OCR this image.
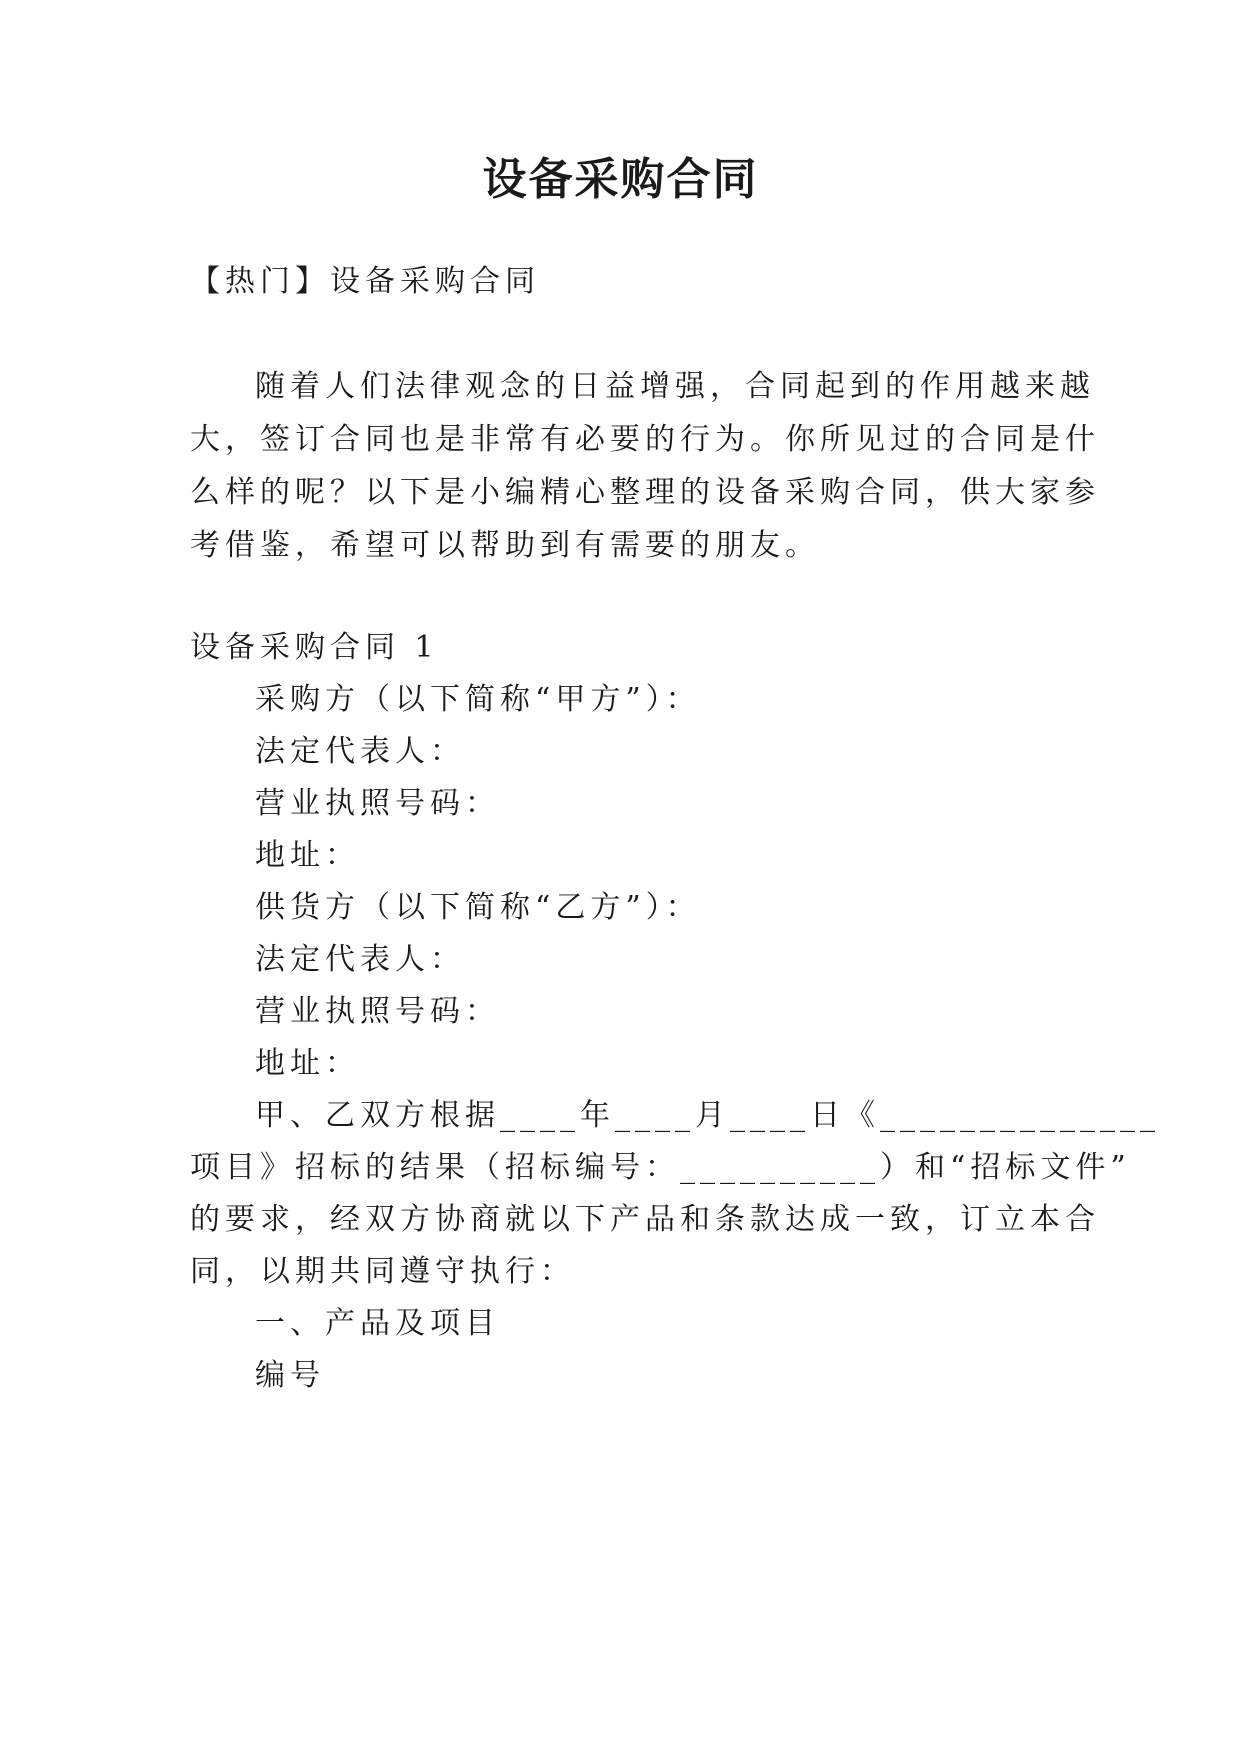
设备采购合同
【热门】设备采购合同
随着人们法律观念的日益增强，合同起到的作用越来越
大，签订合同也是非常有必要的行为。你所见过的合同是什
么样的呢？以下是小编精心整理的设备采购合同，供大家参
考借鉴，希望可以帮助到有需要的朋友。
设备采购合同 1
采购方（以下简称“甲方”）：
法定代表人：
营业执照号码：
地址：
供货方（以下简称“乙方”）：
法定代表人：
营业执照号码：
地址：
甲、乙双方根据____年____月____日《______________
项目》招标的结果（招标编号：__________）和“招标文件”
的要求，经双方协商就以下产品和条款达成一致，订立本合
同，以期共同遵守执行：
一、产品及项目
编号
